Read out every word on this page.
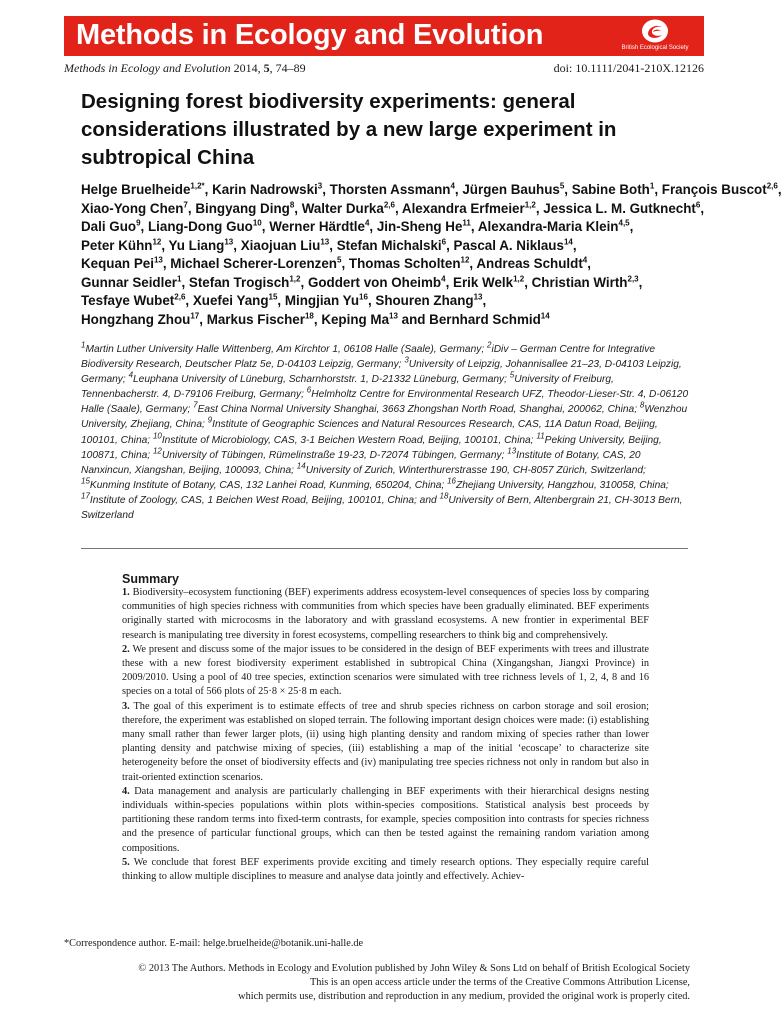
Methods in Ecology and Evolution	British Ecological Society
Methods in Ecology and Evolution 2014, 5, 74–89	doi: 10.1111/2041-210X.12126
Designing forest biodiversity experiments: general considerations illustrated by a new large experiment in subtropical China
Helge Bruelheide$^{1,2*}$, Karin Nadrowski$^3$, Thorsten Assmann$^4$, Jürgen Bauhus$^5$, Sabine Both$^1$, François Buscot$^{2,6}$,
Xiao-Yong Chen$^7$, Bingyang Ding$^8$, Walter Durka$^{2,6}$, Alexandra Erfmeier$^{1,2}$, Jessica L. M. Gutknecht$^6$,
Dali Guo$^9$, Liang-Dong Guo$^{10}$, Werner Härdtle$^4$, Jin-Sheng He$^{11}$, Alexandra-Maria Klein$^{4,5}$,
Peter Kühn$^{12}$, Yu Liang$^{13}$, Xiaojuan Liu$^{13}$, Stefan Michalski$^6$, Pascal A. Niklaus$^{14}$,
Kequan Pei$^{13}$, Michael Scherer-Lorenzen$^5$, Thomas Scholten$^{12}$, Andreas Schuldt$^4$,
Gunnar Seidler$^1$, Stefan Trogisch$^{1,2}$, Goddert von Oheimb$^4$, Erik Welk$^{1,2}$, Christian Wirth$^{2,3}$,
Tesfaye Wubet$^{2,6}$, Xuefei Yang$^{15}$, Mingjian Yu$^{16}$, Shouren Zhang$^{13}$,
Hongzhang Zhou$^{17}$, Markus Fischer$^{18}$, Keping Ma$^{13}$ and Bernhard Schmid$^{14}$
$^1$Martin Luther University Halle Wittenberg, Am Kirchtor 1, 06108 Halle (Saale), Germany; $^2$iDiv – German Centre for Integrative Biodiversity Research, Deutscher Platz 5e, D-04103 Leipzig, Germany; $^3$University of Leipzig, Johannisallee 21–23, D-04103 Leipzig, Germany; $^4$Leuphana University of Lüneburg, Scharnhorststr. 1, D-21332 Lüneburg, Germany; $^5$University of Freiburg, Tennenbacherstr. 4, D-79106 Freiburg, Germany; $^6$Helmholtz Centre for Environmental Research UFZ, Theodor-Lieser-Str. 4, D-06120 Halle (Saale), Germany; $^7$East China Normal University Shanghai, 3663 Zhongshan North Road, Shanghai, 200062, China; $^8$Wenzhou University, Zhejiang, China; $^9$Institute of Geographic Sciences and Natural Resources Research, CAS, 11A Datun Road, Beijing, 100101, China; $^{10}$Institute of Microbiology, CAS, 3-1 Beichen Western Road, Beijing, 100101, China; $^{11}$Peking University, Beijing, 100871, China; $^{12}$University of Tübingen, Rümelinstraße 19-23, D-72074 Tübingen, Germany; $^{13}$Institute of Botany, CAS, 20 Nanxincun, Xiangshan, Beijing, 100093, China; $^{14}$University of Zurich, Winterthurerstrasse 190, CH-8057 Zürich, Switzerland; $^{15}$Kunming Institute of Botany, CAS, 132 Lanhei Road, Kunming, 650204, China; $^{16}$Zhejiang University, Hangzhou, 310058, China; $^{17}$Institute of Zoology, CAS, 1 Beichen West Road, Beijing, 100101, China; and $^{18}$University of Bern, Altenbergrain 21, CH-3013 Bern, Switzerland
Summary

1. Biodiversity–ecosystem functioning (BEF) experiments address ecosystem-level consequences of species loss by comparing communities of high species richness with communities from which species have been gradually eliminated. BEF experiments originally started with microcosms in the laboratory and with grassland ecosystems. A new frontier in experimental BEF research is manipulating tree diversity in forest ecosystems, compelling researchers to think big and comprehensively.

2. We present and discuss some of the major issues to be considered in the design of BEF experiments with trees and illustrate these with a new forest biodiversity experiment established in subtropical China (Xingangshan, Jiangxi Province) in 2009/2010. Using a pool of 40 tree species, extinction scenarios were simulated with tree richness levels of 1, 2, 4, 8 and 16 species on a total of 566 plots of 25·8 × 25·8 m each.

3. The goal of this experiment is to estimate effects of tree and shrub species richness on carbon storage and soil erosion; therefore, the experiment was established on sloped terrain. The following important design choices were made: (i) establishing many small rather than fewer larger plots, (ii) using high planting density and random mixing of species rather than lower planting density and patchwise mixing of species, (iii) establishing a map of the initial ‘ecoscape’ to characterize site heterogeneity before the onset of biodiversity effects and (iv) manipulating tree species richness not only in random but also in trait-oriented extinction scenarios.

4. Data management and analysis are particularly challenging in BEF experiments with their hierarchical designs nesting individuals within-species populations within plots within-species compositions. Statistical analysis best proceeds by partitioning these random terms into fixed-term contrasts, for example, species composition into contrasts for species richness and the presence of particular functional groups, which can then be tested against the remaining random variation among compositions.

5. We conclude that forest BEF experiments provide exciting and timely research options. They especially require careful thinking to allow multiple disciplines to measure and analyse data jointly and effectively. Achiev-

*Correspondence author. E-mail: helge.bruelheide@botanik.uni-halle.de
© 2013 The Authors. Methods in Ecology and Evolution published by John Wiley & Sons Ltd on behalf of British Ecological Society
This is an open access article under the terms of the Creative Commons Attribution License,
which permits use, distribution and reproduction in any medium, provided the original work is properly cited.
